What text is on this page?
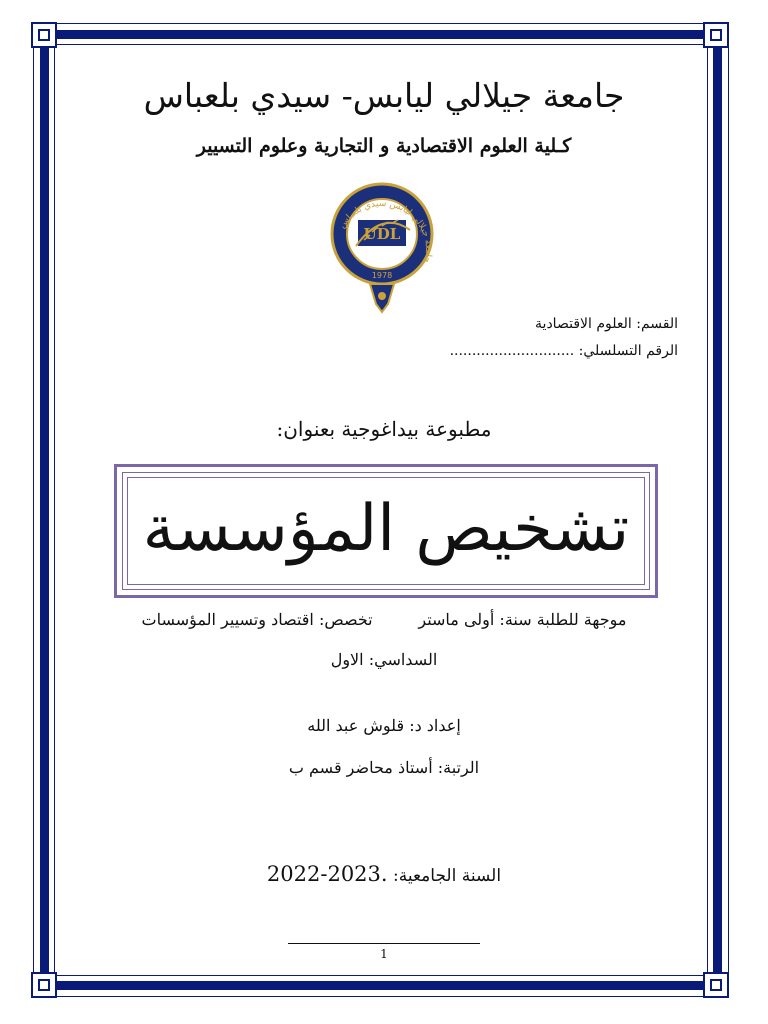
جامعة جيلالي ليابس- سيدي بلعباس
كـلية العلوم الاقتصادية و التجارية وعلوم التسيير
جامعة جيلالي ليابس سيدي بلعباس
UDL
1978
القسم: العلوم الاقتصادية
الرقم التسلسلي: ............................
مطبوعة بيداغوجية بعنوان:
تشخيص المؤسسة
موجهة للطلبة سنة: أولى ماستر         تخصص: اقتصاد وتسيير المؤسسات
السداسي: الاول
إعداد د: قلوش عبد الله
الرتبة: أستاذ محاضر قسم ب
السنة الجامعية: 2022-2023.
1
